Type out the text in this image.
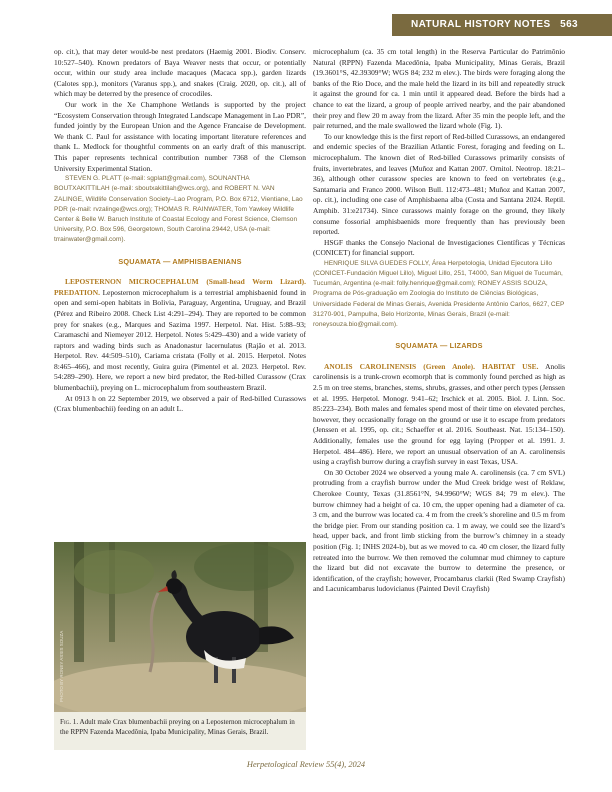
NATURAL HISTORY NOTES 563

op. cit.), that may deter would-be nest predators (Haemig 2001. Biodiv. Conserv. 10:527–540). Known predators of Baya Weaver nests that occur, or potentially occur, within our study area include macaques (Macaca spp.), garden lizards (Calotes spp.), monitors (Varanus spp.), and snakes (Craig. 2020, op. cit.), all of which may be deterred by the presence of crocodiles.

Our work in the Xe Champhone Wetlands is supported by the project “Ecosystem Conservation through Integrated Landscape Management in Lao PDR”, funded jointly by the European Union and the Agence Francaise de Development. We thank C. Paul for assistance with locating important literature references and thank L. Medlock for thoughtful comments on an early draft of this manuscript. This paper represents technical contribution number 7368 of the Clemson University Experimental Station.

STEVEN G. PLATT (e-mail: sgplatt@gmail.com), SOUNANTHA BOUTXAKITTILAH (e-mail: sboutxakittilah@wcs.org), and ROBERT N. VAN ZALINGE, Wildlife Conservation Society–Lao Program, P.O. Box 6712, Vientiane, Lao PDR (e-mail: rvzalinge@wcs.org); THOMAS R. RAINWATER, Tom Yawkey Wildlife Center & Belle W. Baruch Institute of Coastal Ecology and Forest Science, Clemson University, P.O. Box 596, Georgetown, South Carolina 29442, USA (e-mail: trrainwater@gmail.com).

SQUAMATA — AMPHISBAENIANS

LEPOSTERNON MICROCEPHALUM (Small-head Worm Lizard). PREDATION. Leposternon microcephalum is a terrestrial amphisbaenid found in open and semi-open habitats in Bolivia, Paraguay, Argentina, Uruguay, and Brazil (Pérez and Ribeiro 2008. Check List 4:291–294). They are reported to be common prey for snakes (e.g., Marques and Sazima 1997. Herpetol. Nat. Hist. 5:88–93; Caramaschi and Niemeyer 2012. Herpetol. Notes 5:429–430) and a wide variety of raptors and wading birds such as Anadonastur lacernulatus (Rajão et al. 2013. Herpetol. Rev. 44:509–510), Cariama cristata (Folly et al. 2015. Herpetol. Notes 8:465–466), and most recently, Guira guira (Pimentel et al. 2023. Herpetol. Rev. 54:289–290). Here, we report a new bird predator, the Red-billed Curassow (Crax blumenbachii), preying on L. microcephalum from southeastern Brazil.

At 0913 h on 22 September 2019, we observed a pair of Red-billed Curassows (Crax blumenbachii) feeding on an adult L.

PHOTO BY RONEY ASSIS SOUZA
Fig. 1. Adult male Crax blumenbachii preying on a Leposternon microcephalum in the RPPN Fazenda Macedônia, Ipaba Municipality, Minas Gerais, Brazil.

microcephalum (ca. 35 cm total length) in the Reserva Particular do Patrimônio Natural (RPPN) Fazenda Macedônia, Ipaba Municipality, Minas Gerais, Brazil (19.3601°S, 42.39309°W; WGS 84; 232 m elev.). The birds were foraging along the banks of the Rio Doce, and the male held the lizard in its bill and repeatedly struck it against the ground for ca. 1 min until it appeared dead. Before the birds had a chance to eat the lizard, a group of people arrived nearby, and the pair abandoned their prey and flew 20 m away from the lizard. After 35 min the people left, and the pair returned, and the male swallowed the lizard whole (Fig. 1).

To our knowledge this is the first report of Red-billed Curassows, an endangered and endemic species of the Brazilian Atlantic Forest, foraging and feeding on L. microcephalum. The known diet of Red-billed Curassows primarily consists of fruits, invertebrates, and leaves (Muñoz and Kattan 2007. Ornitol. Neotrop. 18:21–36), although other curassow species are known to feed on vertebrates (e.g., Santamaria and Franco 2000. Wilson Bull. 112:473–481; Muñoz and Kattan 2007, op. cit.), including one case of Amphisbaena alba (Costa and Santana 2024. Reptil. Amphib. 31:e21734). Since curassows mainly forage on the ground, they likely consume fossorial amphisbaenids more frequently than has previously been reported.

HSGF thanks the Consejo Nacional de Investigaciones Científicas y Técnicas (CONICET) for financial support.

HENRIQUE SILVA GUEDES FOLLY, Área Herpetologia, Unidad Ejecutora Lillo (CONICET-Fundación Miguel Lillo), Miguel Lillo, 251, T4000, San Miguel de Tucumán, Tucumán, Argentina (e-mail: folly.henrique@gmail.com); RONEY ASSIS SOUZA, Programa de Pós-graduação em Zoologia do Instituto de Ciências Biológicas, Universidade Federal de Minas Gerais, Avenida Presidente Antônio Carlos, 6627, CEP 31270-901, Pampulha, Belo Horizonte, Minas Gerais, Brazil (e-mail: roneysouza.bio@gmail.com).

SQUAMATA — LIZARDS

ANOLIS CAROLINENSIS (Green Anole). HABITAT USE. Anolis carolinensis is a trunk-crown ecomorph that is commonly found perched as high as 2.5 m on tree stems, branches, stems, shrubs, grasses, and other perch types (Jenssen et al. 1995. Herpetol. Monogr. 9:41–62; Irschick et al. 2005. Biol. J. Linn. Soc. 85:223–234). Both males and females spend most of their time on elevated perches, however, they occasionally forage on the ground or use it to escape from predators (Jenssen et al. 1995, op. cit.; Schaeffer et al. 2016. Southeast. Nat. 15:134–150). Additionally, females use the ground for egg laying (Propper et al. 1991. J. Herpetol. 484–486). Here, we report an unusual observation of an A. carolinensis using a crayfish burrow during a crayfish survey in east Texas, USA.

On 30 October 2024 we observed a young male A. carolinensis (ca. 7 cm SVL) protruding from a crayfish burrow under the Mud Creek bridge west of Reklaw, Cherokee County, Texas (31.8561°N, 94.9960°W; WGS 84; 79 m elev.). The burrow chimney had a height of ca. 10 cm, the upper opening had a diameter of ca. 3 cm, and the burrow was located ca. 4 m from the creek’s shoreline and 0.5 m from the bridge pier. From our standing position ca. 1 m away, we could see the lizard’s head, upper back, and front limb sticking from the burrow’s chimney in a steady position (Fig. 1; INHS 2024-b), but as we moved to ca. 40 cm closer, the lizard fully retreated into the burrow. We then removed the columnar mud chimney to capture the lizard but did not excavate the burrow to determine the presence, or identification, of the crayfish; however, Procambarus clarkii (Red Swamp Crayfish) and Lacunicambarus ludovicianus (Painted Devil Crayfish)

Herpetological Review 55(4), 2024
